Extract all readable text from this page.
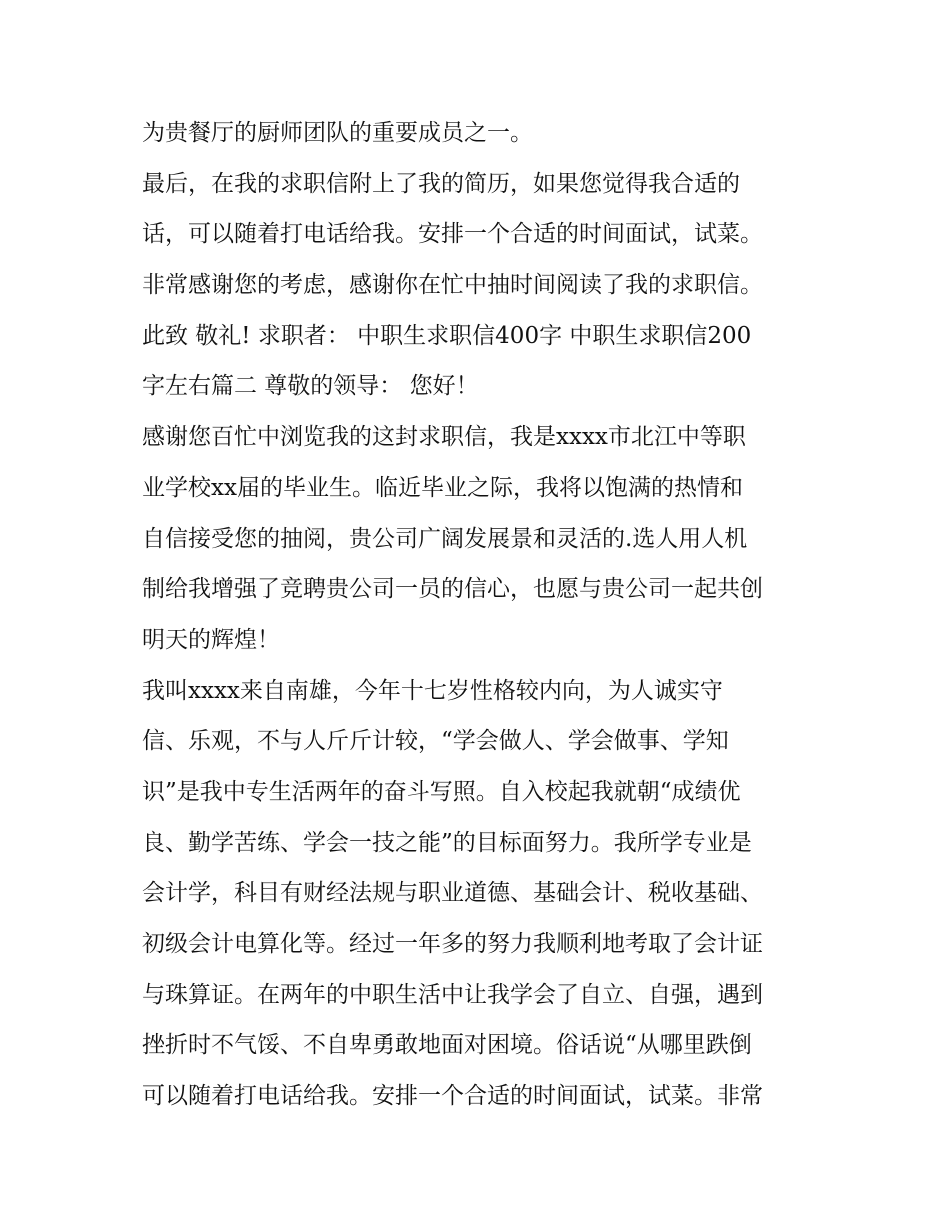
为贵餐厅的厨师团队的重要成员之一。
最后，在我的求职信附上了我的简历，如果您觉得我合适的
话，可以随着打电话给我。安排一个合适的时间面试，试菜。
非常感谢您的考虑，感谢你在忙中抽时间阅读了我的求职信。
此致 敬礼! 求职者： 中职生求职信400字 中职生求职信200
字左右篇二 尊敬的领导： 您好！
感谢您百忙中浏览我的这封求职信，我是xxxx市北江中等职
业学校xx届的毕业生。临近毕业之际，我将以饱满的热情和
自信接受您的抽阅，贵公司广阔发展景和灵活的.选人用人机
制给我增强了竞聘贵公司一员的信心，也愿与贵公司一起共创
明天的辉煌！
我叫xxxx来自南雄，今年十七岁性格较内向，为人诚实守
信、乐观，不与人斤斤计较，“学会做人、学会做事、学知
识”是我中专生活两年的奋斗写照。自入校起我就朝“成绩优
良、勤学苦练、学会一技之能”的目标面努力。我所学专业是
会计学，科目有财经法规与职业道德、基础会计、税收基础、
初级会计电算化等。经过一年多的努力我顺利地考取了会计证
与珠算证。在两年的中职生活中让我学会了自立、自强，遇到
挫折时不气馁、不自卑勇敢地面对困境。俗话说“从哪里跌倒
可以随着打电话给我。安排一个合适的时间面试，试菜。非常
